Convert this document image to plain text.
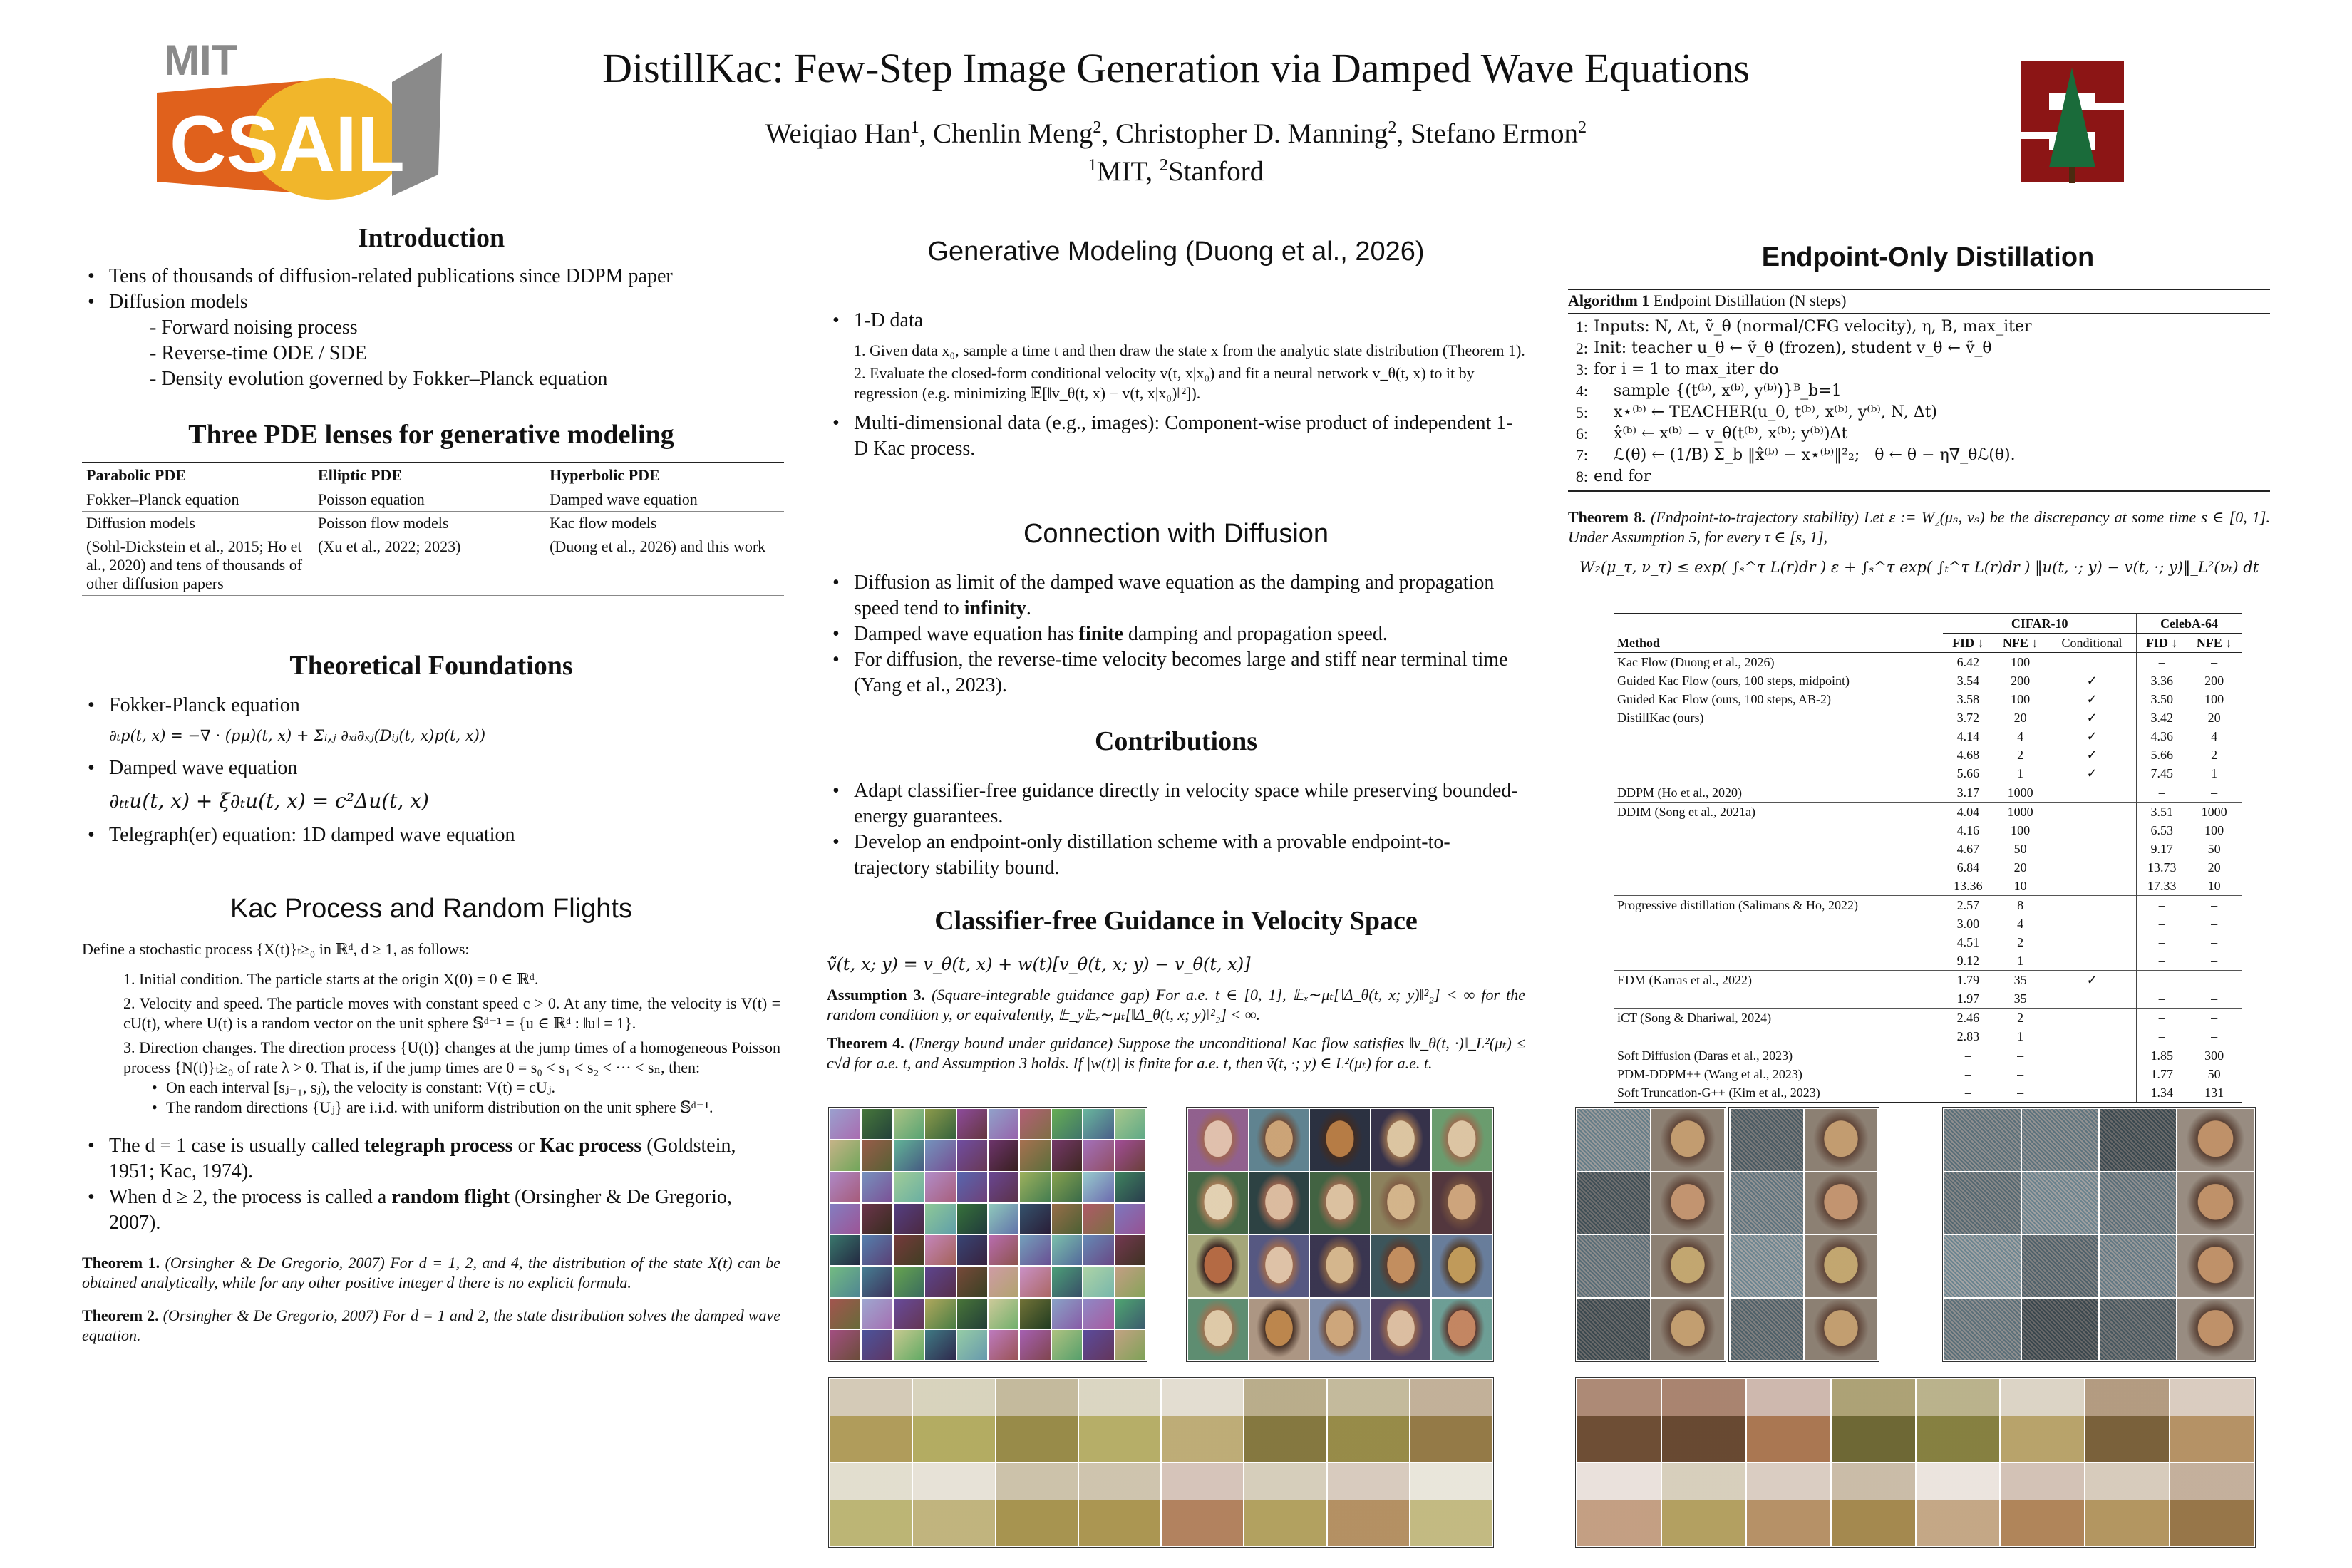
MIT
CSAIL
DistillKac: Few-Step Image Generation via Damped Wave Equations
Weiqiao Han$^1$, Chenlin Meng$^2$, Christopher D. Manning$^2$, Stefano Ermon$^2$
$^1$MIT, $^2$Stanford
Introduction
• Tens of thousands of diffusion-related publications since DDPM paper
• Diffusion models
- Forward noising process
- Reverse-time ODE / SDE
- Density evolution governed by Fokker–Planck equation
Three PDE lenses for generative modeling
Parabolic PDE	Elliptic PDE	Hyperbolic PDE
Fokker–Planck equation	Poisson equation	Damped wave equation
Diffusion models	Poisson flow models	Kac flow models
(Sohl-Dickstein et al., 2015; Ho et al., 2020) and tens of thousands of other diffusion papers	(Xu et al., 2022; 2023)	(Duong et al., 2026) and this work
Theoretical Foundations
• Fokker-Planck equation
∂ₜp(t, x) = −∇ · (pμ)(t, x) + Σᵢ,ⱼ ∂ₓᵢ∂ₓⱼ(Dᵢⱼ(t, x)p(t, x))
• Damped wave equation
∂ₜₜu(t, x) + ξ∂ₜu(t, x) = c²Δu(t, x)
• Telegraph(er) equation: 1D damped wave equation
Kac Process and Random Flights
Define a stochastic process {X(t)}ₜ≥₀ in ℝᵈ, d ≥ 1, as follows:
1. Initial condition. The particle starts at the origin X(0) = 0 ∈ ℝᵈ.
2. Velocity and speed. The particle moves with constant speed c > 0. At any time, the velocity is V(t) = cU(t), where U(t) is a random vector on the unit sphere 𝕊ᵈ⁻¹ = {u ∈ ℝᵈ : ‖u‖ = 1}.
3. Direction changes. The direction process {U(t)} changes at the jump times of a homogeneous Poisson process {N(t)}ₜ≥₀ of rate λ > 0. That is, if the jump times are 0 = s₀ < s₁ < s₂ < ··· < sₙ, then:
• On each interval [sⱼ₋₁, sⱼ), the velocity is constant: V(t) = cUⱼ.
• The random directions {Uⱼ} are i.i.d. with uniform distribution on the unit sphere 𝕊ᵈ⁻¹.
• The d = 1 case is usually called telegraph process or Kac process (Goldstein, 1951; Kac, 1974).
• When d ≥ 2, the process is called a random flight (Orsingher & De Gregorio, 2007).
Theorem 1. (Orsingher & De Gregorio, 2007) For d = 1, 2, and 4, the distribution of the state X(t) can be obtained analytically, while for any other positive integer d there is no explicit formula.
Theorem 2. (Orsingher & De Gregorio, 2007) For d = 1 and 2, the state distribution solves the damped wave equation.
Generative Modeling (Duong et al., 2026)
• 1-D data
1. Given data x₀, sample a time t and then draw the state x from the analytic state distribution (Theorem 1).
2. Evaluate the closed-form conditional velocity v(t, x|x₀) and fit a neural network v_θ(t, x) to it by regression (e.g. minimizing 𝔼[‖v_θ(t, x) − v(t, x|x₀)‖²]).
• Multi-dimensional data (e.g., images): Component-wise product of independent 1-D Kac process.
Connection with Diffusion
• Diffusion as limit of the damped wave equation as the damping and propagation speed tend to infinity.
• Damped wave equation has finite damping and propagation speed.
• For diffusion, the reverse-time velocity becomes large and stiff near terminal time (Yang et al., 2023).
Contributions
• Adapt classifier-free guidance directly in velocity space while preserving bounded-energy guarantees.
• Develop an endpoint-only distillation scheme with a provable endpoint-to-trajectory stability bound.
Classifier-free Guidance in Velocity Space
ṽ(t, x; y) = v_θ(t, x) + w(t)[v_θ(t, x; y) − v_θ(t, x)]
Assumption 3. (Square-integrable guidance gap) For a.e. t ∈ [0, 1], 𝔼ₓ∼μₜ[‖Δ_θ(t, x; y)‖²₂] < ∞ for the random condition y, or equivalently, 𝔼_y𝔼ₓ∼μₜ[‖Δ_θ(t, x; y)‖²₂] < ∞.
Theorem 4. (Energy bound under guidance) Suppose the unconditional Kac flow satisfies ‖v_θ(t, ·)‖_L²(μₜ) ≤ c√d for a.e. t, and Assumption 3 holds. If |w(t)| is finite for a.e. t, then ṽ(t, ·; y) ∈ L²(μₜ) for a.e. t.
Endpoint-Only Distillation
Algorithm 1 Endpoint Distillation (N steps)
1: Inputs: N, Δt, ṽ_θ (normal/CFG velocity), η, B, max_iter
2: Init: teacher u_θ ← ṽ_θ (frozen), student v_θ ← ṽ_θ
3: for i = 1 to max_iter do
4: sample {(t⁽ᵇ⁾, x⁽ᵇ⁾, y⁽ᵇ⁾)}ᴮ_b=1
5: x⋆⁽ᵇ⁾ ← TEACHER(u_θ, t⁽ᵇ⁾, x⁽ᵇ⁾, y⁽ᵇ⁾, N, Δt)
6: x̂⁽ᵇ⁾ ← x⁽ᵇ⁾ − v_θ(t⁽ᵇ⁾, x⁽ᵇ⁾; y⁽ᵇ⁾)Δt
7: ℒ(θ) ← (1/B) Σ_b ‖x̂⁽ᵇ⁾ − x⋆⁽ᵇ⁾‖²₂;   θ ← θ − η∇_θℒ(θ).
8: end for
Theorem 8. (Endpoint-to-trajectory stability) Let ε := W₂(μₛ, νₛ) be the discrepancy at some time s ∈ [0, 1]. Under Assumption 5, for every τ ∈ [s, 1],
W₂(μ_τ, ν_τ) ≤ exp( ∫ₛ^τ L(r)dr ) ε + ∫ₛ^τ exp( ∫ₜ^τ L(r)dr ) ‖u(t, ·; y) − v(t, ·; y)‖_L²(νₜ) dt
	CIFAR-10			CelebA-64	
Method	FID ↓	NFE ↓	Conditional	FID ↓	NFE ↓
Kac Flow (Duong et al., 2026)	6.42	100		–	–
Guided Kac Flow (ours, 100 steps, midpoint)	3.54	200	✓	3.36	200
Guided Kac Flow (ours, 100 steps, AB-2)	3.58	100	✓	3.50	100
DistillKac (ours)	3.72	20	✓	3.42	20
	4.14	4	✓	4.36	4
	4.68	2	✓	5.66	2
	5.66	1	✓	7.45	1
DDPM (Ho et al., 2020)	3.17	1000		–	–
DDIM (Song et al., 2021a)	4.04	1000		3.51	1000
	4.16	100		6.53	100
	4.67	50		9.17	50
	6.84	20		13.73	20
	13.36	10		17.33	10
Progressive distillation (Salimans & Ho, 2022)	2.57	8		–	–
	3.00	4		–	–
	4.51	2		–	–
	9.12	1		–	–
EDM (Karras et al., 2022)	1.79	35	✓	–	–
	1.97	35		–	–
iCT (Song & Dhariwal, 2024)	2.46	2		–	–
	2.83	1		–	–
Soft Diffusion (Daras et al., 2023)	–	–		1.85	300
PDM-DDPM++ (Wang et al., 2023)	–	–		1.77	50
Soft Truncation-G++ (Kim et al., 2023)	–	–		1.34	131
